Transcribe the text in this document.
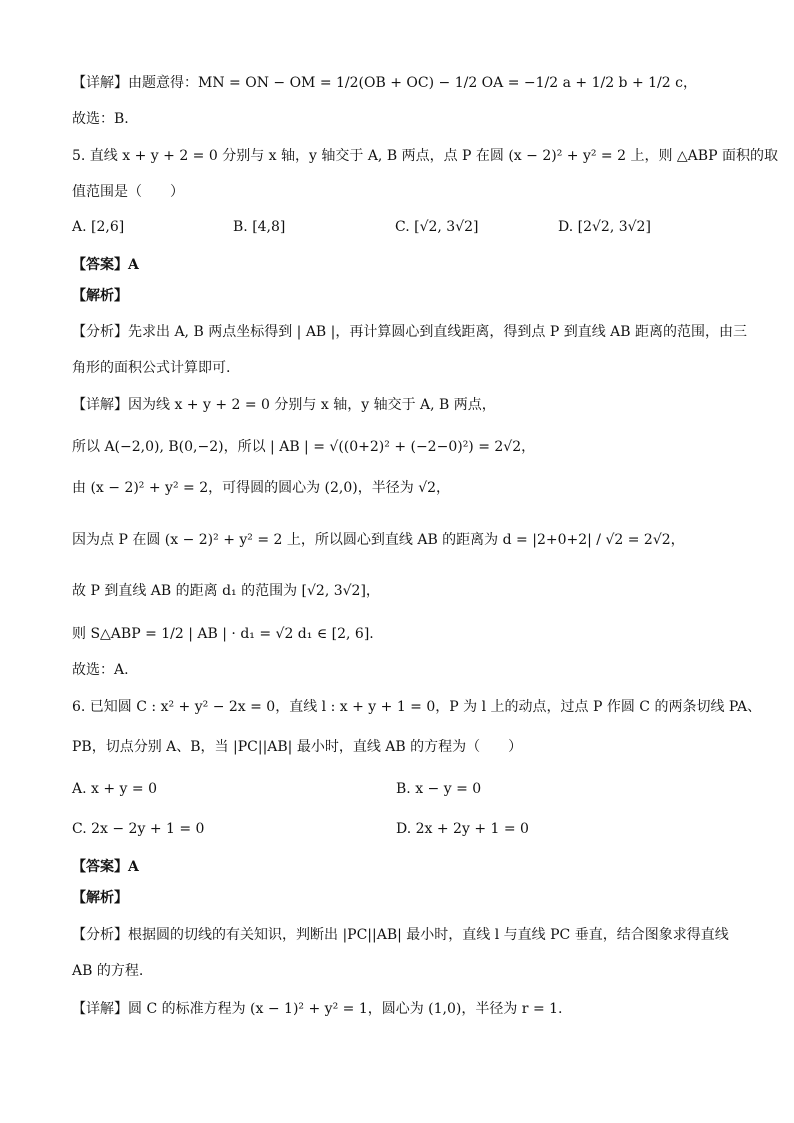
【详解】由题意得：MN = ON − OM = 1/2(OB + OC) − 1/2 OA = −1/2 a + 1/2 b + 1/2 c，
故选：B.
5. 直线 x + y + 2 = 0 分别与 x 轴，y 轴交于 A, B 两点，点 P 在圆 (x − 2)² + y² = 2 上，则 △ABP 面积的取
值范围是（　　）
A. [2,6]	B. [4,8]	C. [√2, 3√2]	D. [2√2, 3√2]
【答案】A
【解析】
【分析】先求出 A, B 两点坐标得到 | AB |，再计算圆心到直线距离，得到点 P 到直线 AB 距离的范围，由三
角形的面积公式计算即可.
【详解】因为线 x + y + 2 = 0 分别与 x 轴，y 轴交于 A, B 两点，
所以 A(−2,0), B(0,−2)，所以 | AB | = √((0+2)² + (−2−0)²) = 2√2，
由 (x − 2)² + y² = 2，可得圆的圆心为 (2,0)，半径为 √2，
因为点 P 在圆 (x − 2)² + y² = 2 上，所以圆心到直线 AB 的距离为 d = |2+0+2| / √2 = 2√2，
故 P 到直线 AB 的距离 d₁ 的范围为 [√2, 3√2]，
则 S△ABP = 1/2 | AB | · d₁ = √2 d₁ ∈ [2, 6].
故选：A.
6. 已知圆 C : x² + y² − 2x = 0，直线 l : x + y + 1 = 0，P 为 l 上的动点，过点 P 作圆 C 的两条切线 PA、
PB，切点分别 A、B，当 |PC||AB| 最小时，直线 AB 的方程为（　　）
A. x + y = 0	B. x − y = 0
C. 2x − 2y + 1 = 0	D. 2x + 2y + 1 = 0
【答案】A
【解析】
【分析】根据圆的切线的有关知识，判断出 |PC||AB| 最小时，直线 l 与直线 PC 垂直，结合图象求得直线
AB 的方程.
【详解】圆 C 的标准方程为 (x − 1)² + y² = 1，圆心为 (1,0)，半径为 r = 1.
